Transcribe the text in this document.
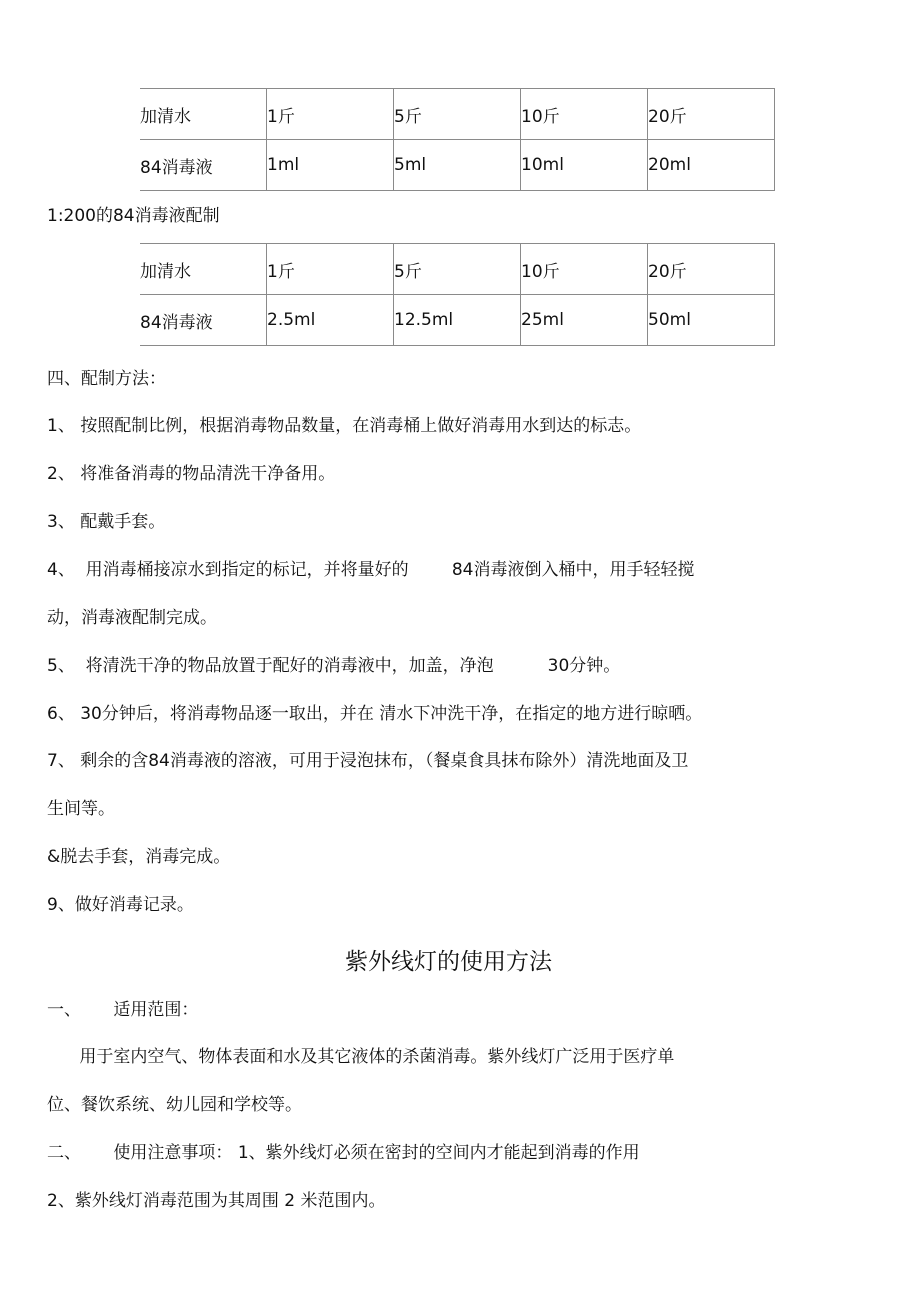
加清水	1斤	5斤	10斤	20斤
84消毒液	1ml	5ml	10ml	20ml
1:200的84消毒液配制
加清水	1斤	5斤	10斤	20斤
84消毒液	2.5ml	12.5ml	25ml	50ml
四、配制方法：
1、 按照配制比例，根据消毒物品数量，在消毒桶上做好消毒用水到达的标志。
2、 将准备消毒的物品清洗干净备用。
3、 配戴手套。
4、  用消毒桶接凉水到指定的标记，并将量好的        84消毒液倒入桶中，用手轻轻搅
动，消毒液配制完成。
5、  将清洗干净的物品放置于配好的消毒液中，加盖，净泡          30分钟。
6、 30分钟后，将消毒物品逐一取出，并在 清水下冲洗干净，在指定的地方进行晾晒。
7、 剩余的含84消毒液的溶液，可用于浸泡抹布，（餐桌食具抹布除外）清洗地面及卫
生间等。
&脱去手套，消毒完成。
9、做好消毒记录。
紫外线灯的使用方法
一、      适用范围：
用于室内空气、物体表面和水及其它液体的杀菌消毒。紫外线灯广泛用于医疗单
位、餐饮系统、幼儿园和学校等。
二、      使用注意事项： 1、紫外线灯必须在密封的空间内才能起到消毒的作用
2、紫外线灯消毒范围为其周围 2 米范围内。
